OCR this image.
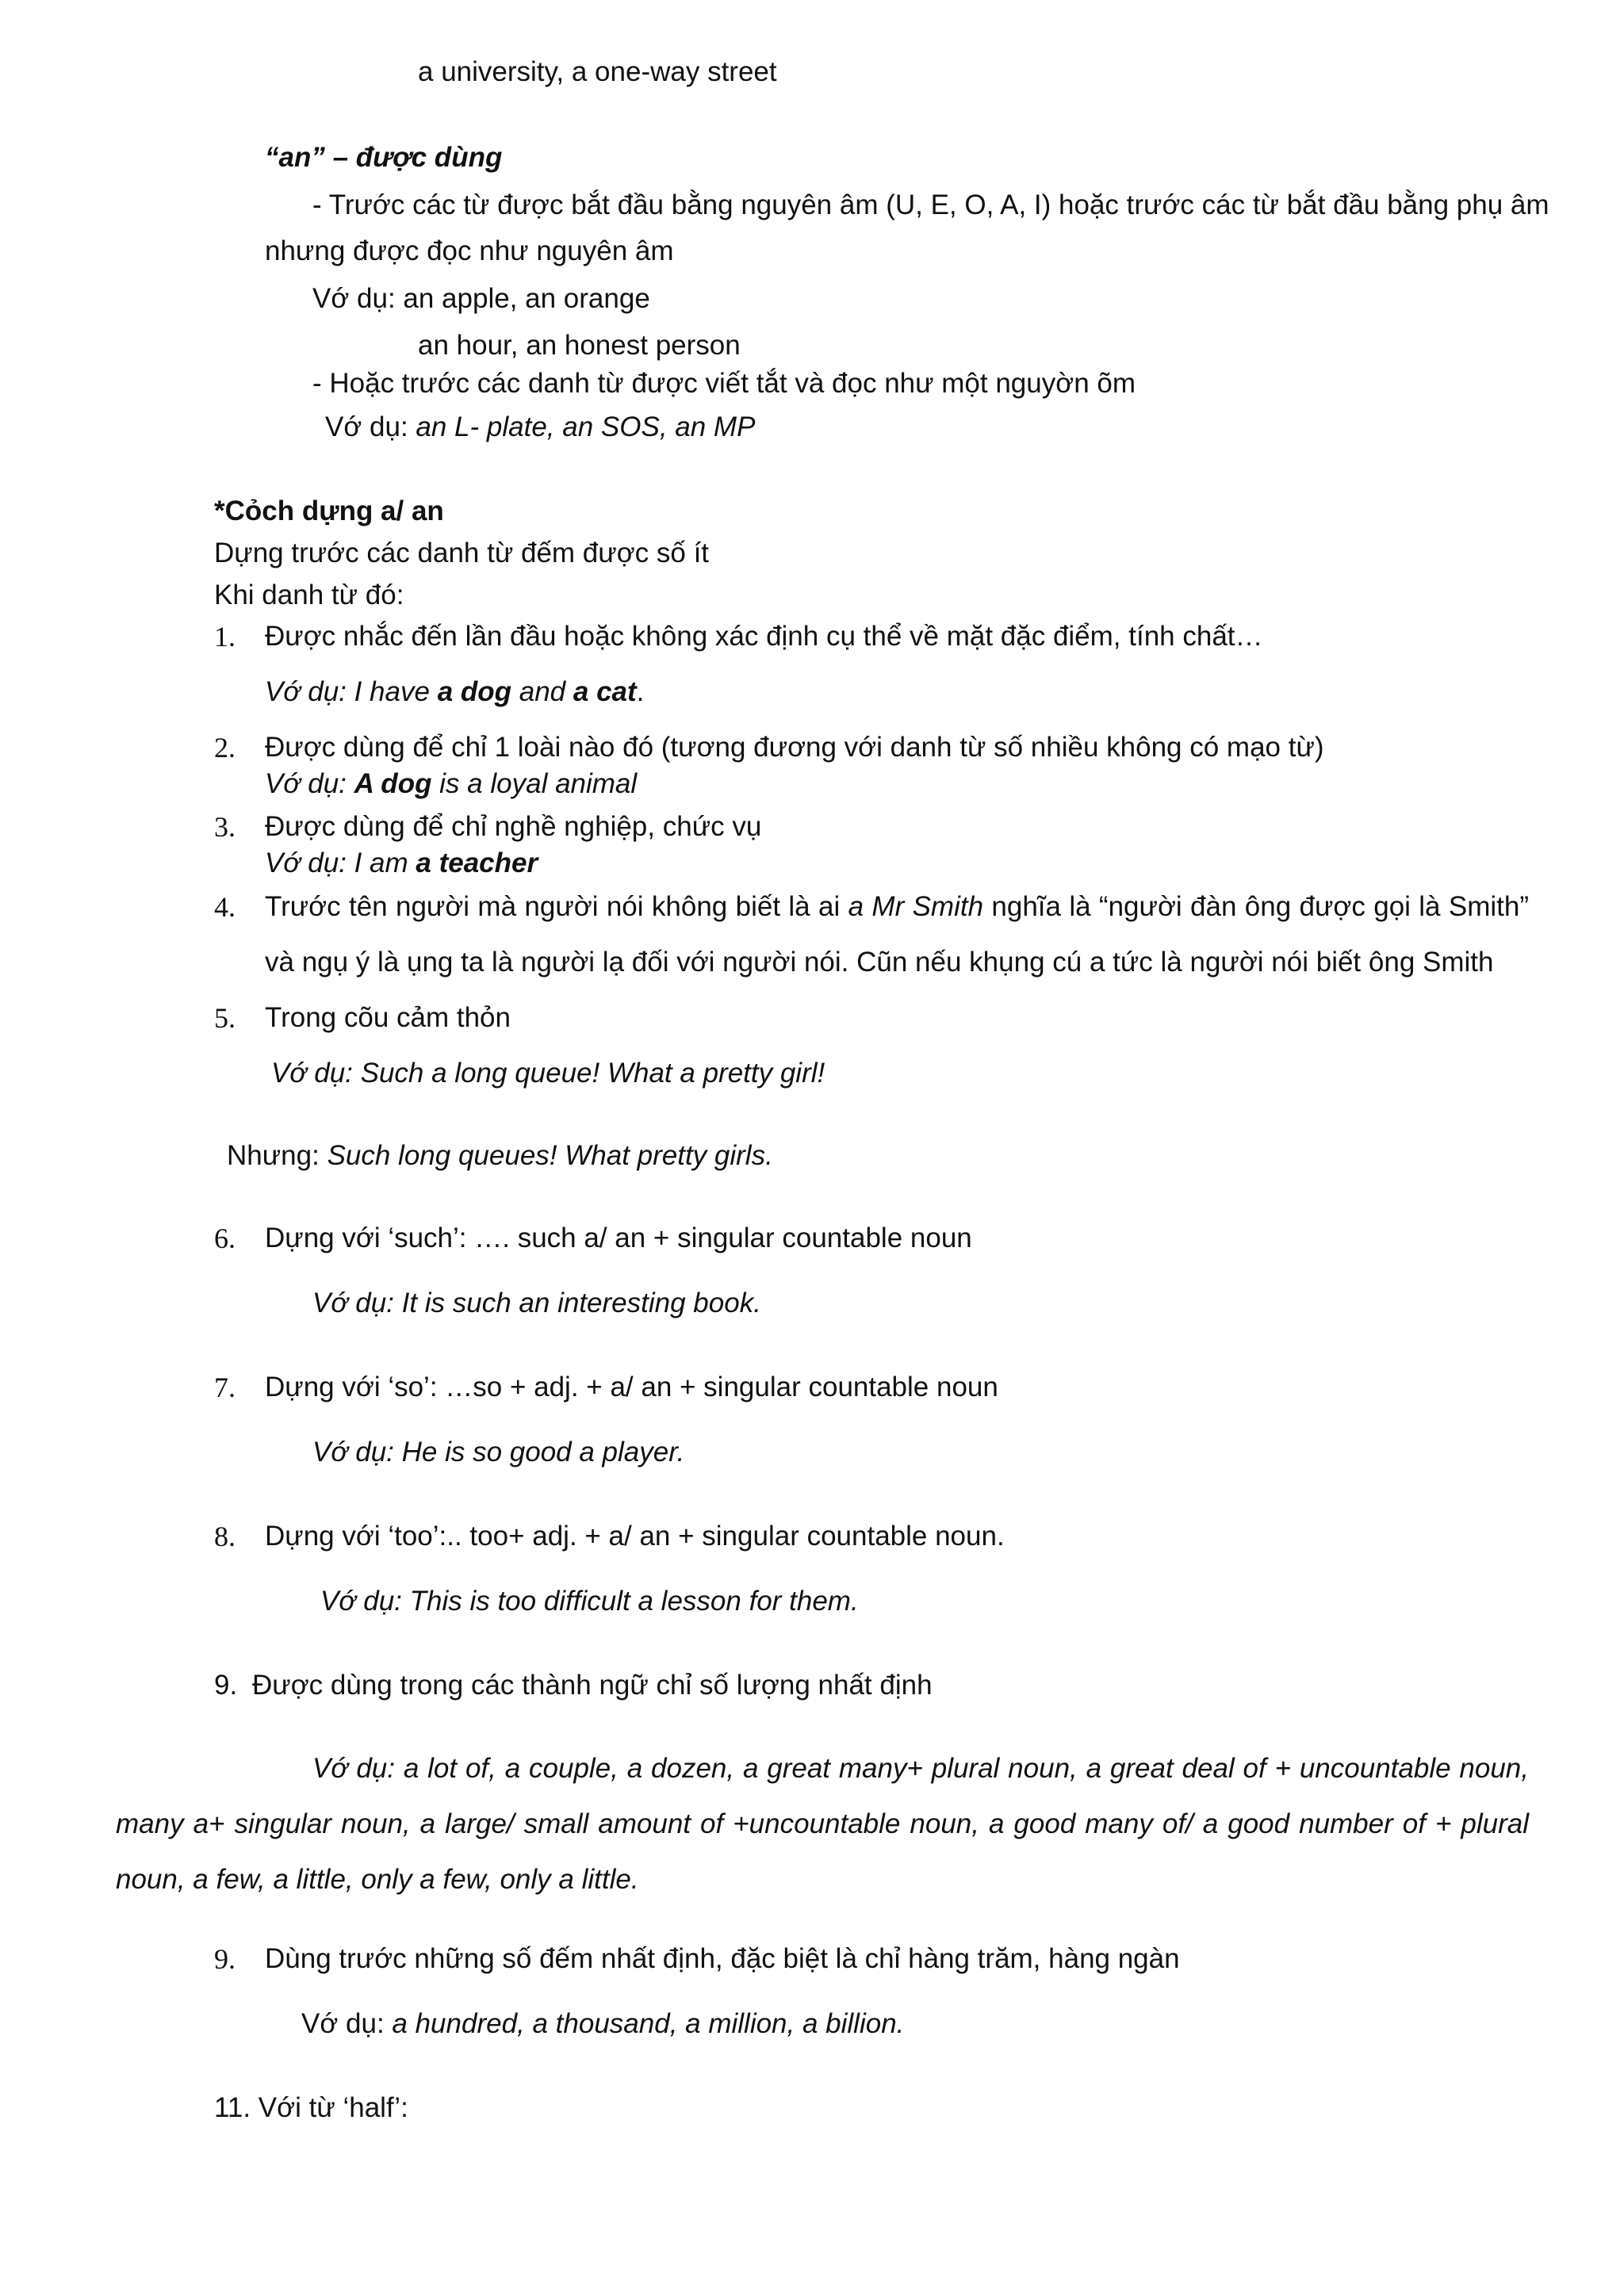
a university, a one-way street
“an” – được dùng
- Trước các từ được bắt đầu bằng nguyên âm (U, E, O, A, I) hoặc trước các từ bắt đầu bằng phụ âm
nhưng được đọc như nguyên âm
Vớ dụ: an apple, an orange
an hour, an honest person
- Hoặc trước các danh từ được viết tắt và đọc như một nguyờn õm
Vớ dụ: an L- plate, an SOS, an MP
*Cỏch dựng a/ an
Dựng trước các danh từ đếm được số ít
Khi danh từ đó:
1. Được nhắc đến lần đầu hoặc không xác định cụ thể về mặt đặc điểm, tính chất…
Vớ dụ: I have a dog and a cat.
2. Được dùng để chỉ 1 loài nào đó (tương đương với danh từ số nhiều không có mạo từ)
Vớ dụ: A dog is a loyal animal
3. Được dùng để chỉ nghề nghiệp, chức vụ
Vớ dụ: I am a teacher
4. Trước tên người mà người nói không biết là ai a Mr Smith nghĩa là “người đàn ông được gọi là Smith”
và ngụ ý là ụng ta là người lạ đối với người nói. Cũn nếu khụng cú a tức là người nói biết ông Smith
5. Trong cõu cảm thỏn
Vớ dụ: Such a long queue! What a pretty girl!
Nhưng: Such long queues! What pretty girls.
6. Dựng với ‘such’: …. such a/ an + singular countable noun
Vớ dụ: It is such an interesting book.
7. Dựng với ‘so’: …so + adj. + a/ an + singular countable noun
Vớ dụ: He is so good a player.
8. Dựng với ‘too’:.. too+ adj. + a/ an + singular countable noun.
Vớ dụ: This is too difficult a lesson for them.
9. Được dùng trong các thành ngữ chỉ số lượng nhất định
Vớ dụ: a lot of, a couple, a dozen, a great many+ plural noun, a great deal of + uncountable noun,
many a+ singular noun, a large/ small amount of +uncountable noun, a good many of/ a good number of + plural
noun, a few, a little, only a few, only a little.
9. Dùng trước những số đếm nhất định, đặc biệt là chỉ hàng trăm, hàng ngàn
Vớ dụ: a hundred, a thousand, a million, a billion.
11. Với từ ‘half’:
